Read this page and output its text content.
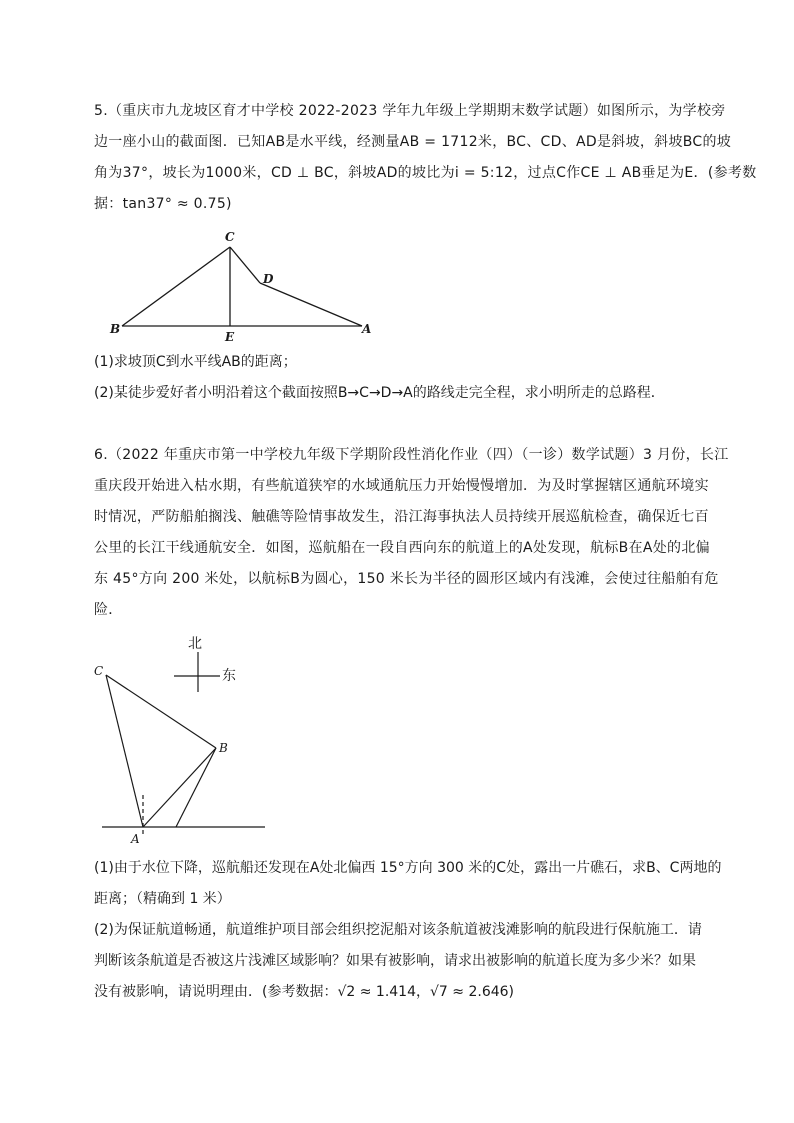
5.（重庆市九龙坡区育才中学校 2022-2023 学年九年级上学期期末数学试题）如图所示，为学校旁
边一座小山的截面图．已知AB是水平线，经测量AB = 1712米，BC、CD、AD是斜坡，斜坡BC的坡
角为37°，坡长为1000米，CD ⊥ BC，斜坡AD的坡比为i = 5:12，过点C作CE ⊥ AB垂足为E．(参考数
据：tan37° ≈ 0.75)
C
D
B
E
A
(1)求坡顶C到水平线AB的距离；
(2)某徒步爱好者小明沿着这个截面按照B→C→D→A的路线走完全程，求小明所走的总路程．
6.（2022 年重庆市第一中学校九年级下学期阶段性消化作业（四）（一诊）数学试题）3 月份，长江
重庆段开始进入枯水期，有些航道狭窄的水域通航压力开始慢慢增加．为及时掌握辖区通航环境实
时情况，严防船舶搁浅、触礁等险情事故发生，沿江海事执法人员持续开展巡航检查，确保近七百
公里的长江干线通航安全．如图，巡航船在一段自西向东的航道上的A处发现，航标B在A处的北偏
东 45°方向 200 米处，以航标B为圆心，150 米长为半径的圆形区域内有浅滩，会使过往船舶有危
险．
北
东
C
B
A
(1)由于水位下降，巡航船还发现在A处北偏西 15°方向 300 米的C处，露出一片礁石，求B、C两地的
距离；（精确到 1 米）
(2)为保证航道畅通，航道维护项目部会组织挖泥船对该条航道被浅滩影响的航段进行保航施工．请
判断该条航道是否被这片浅滩区域影响？如果有被影响，请求出被影响的航道长度为多少米？如果
没有被影响，请说明理由．(参考数据：√2 ≈ 1.414，√7 ≈ 2.646)
